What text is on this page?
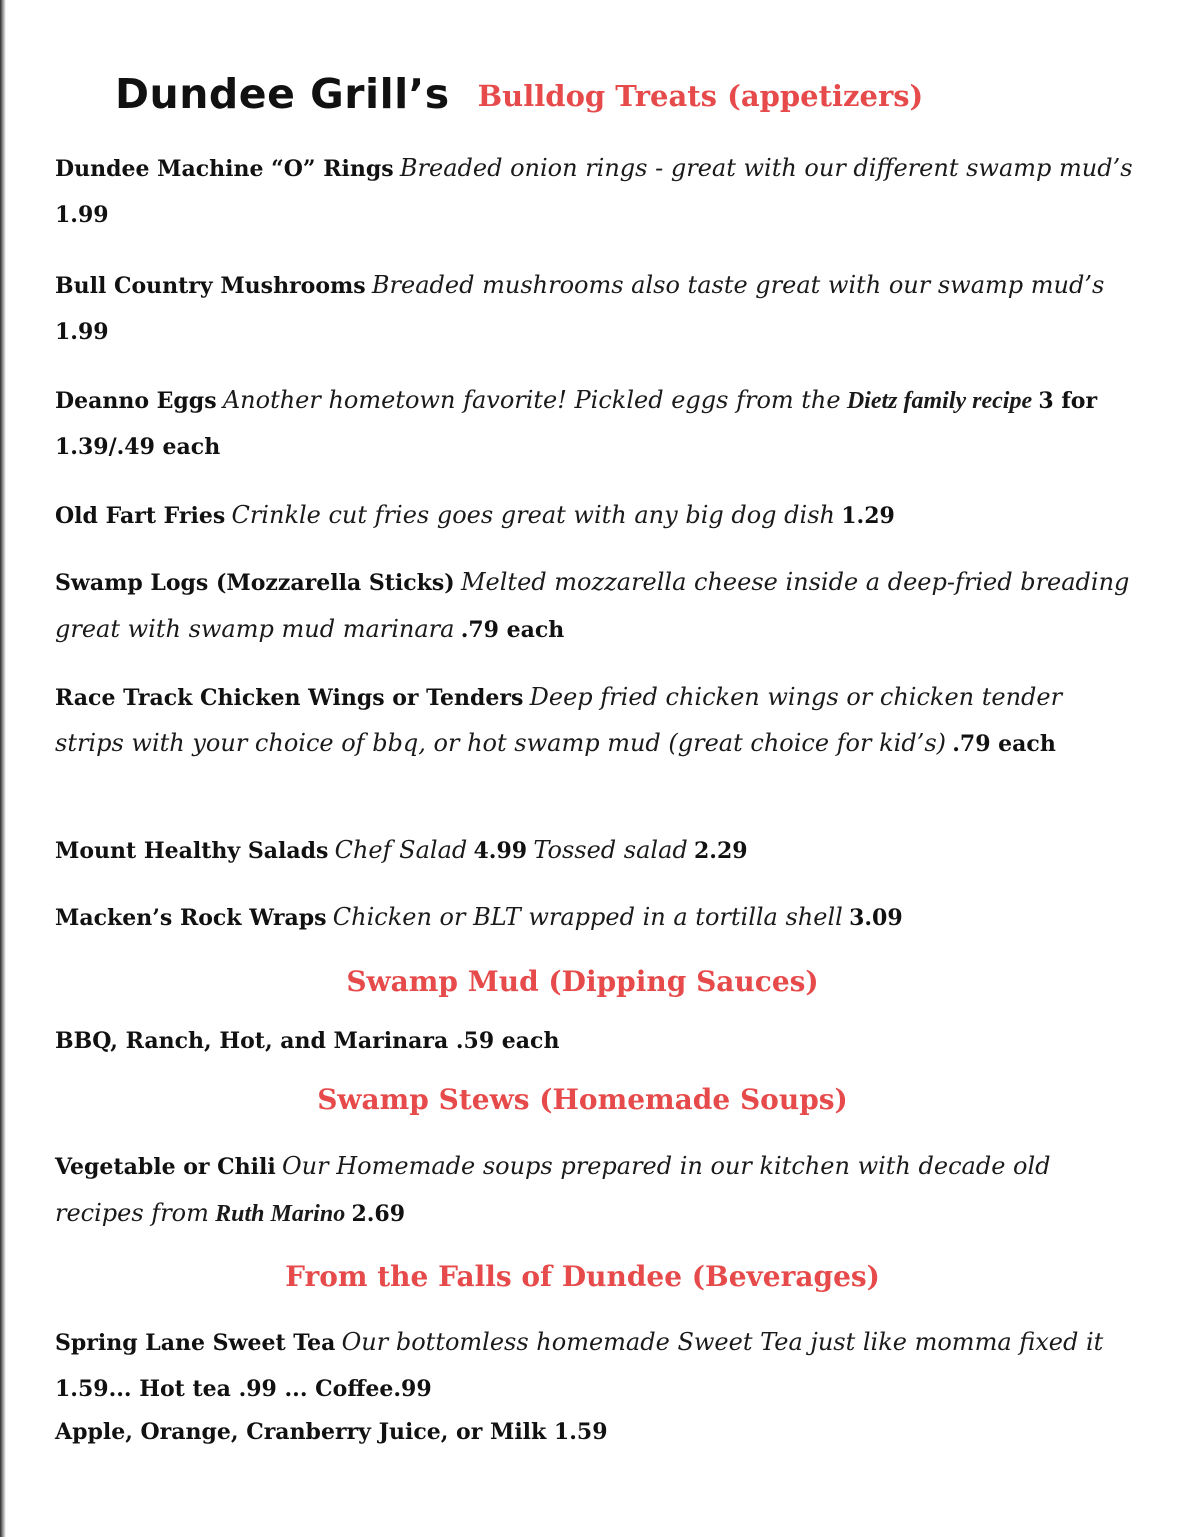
Dundee Grill’s Bulldog Treats (appetizers)
Dundee Machine “O” Rings Breaded onion rings - great with our different swamp mud’s 1.99
Bull Country Mushrooms Breaded mushrooms also taste great with our swamp mud’s 1.99
Deanno Eggs Another hometown favorite! Pickled eggs from the Dietz family recipe 3 for 1.39/.49 each
Old Fart Fries Crinkle cut fries goes great with any big dog dish 1.29
Swamp Logs (Mozzarella Sticks) Melted mozzarella cheese inside a deep-fried breading great with swamp mud marinara .79 each
Race Track Chicken Wings or Tenders Deep fried chicken wings or chicken tender strips with your choice of bbq, or hot swamp mud (great choice for kid’s) .79 each
Mount Healthy Salads Chef Salad 4.99 Tossed salad 2.29
Macken’s Rock Wraps Chicken or BLT wrapped in a tortilla shell 3.09
Swamp Mud (Dipping Sauces)
BBQ, Ranch, Hot, and Marinara .59 each
Swamp Stews (Homemade Soups)
Vegetable or Chili Our Homemade soups prepared in our kitchen with decade old recipes from Ruth Marino 2.69
From the Falls of Dundee (Beverages)
Spring Lane Sweet Tea Our bottomless homemade Sweet Tea just like momma fixed it 1.59... Hot tea .99 ... Coffee.99
Apple, Orange, Cranberry Juice, or Milk 1.59
